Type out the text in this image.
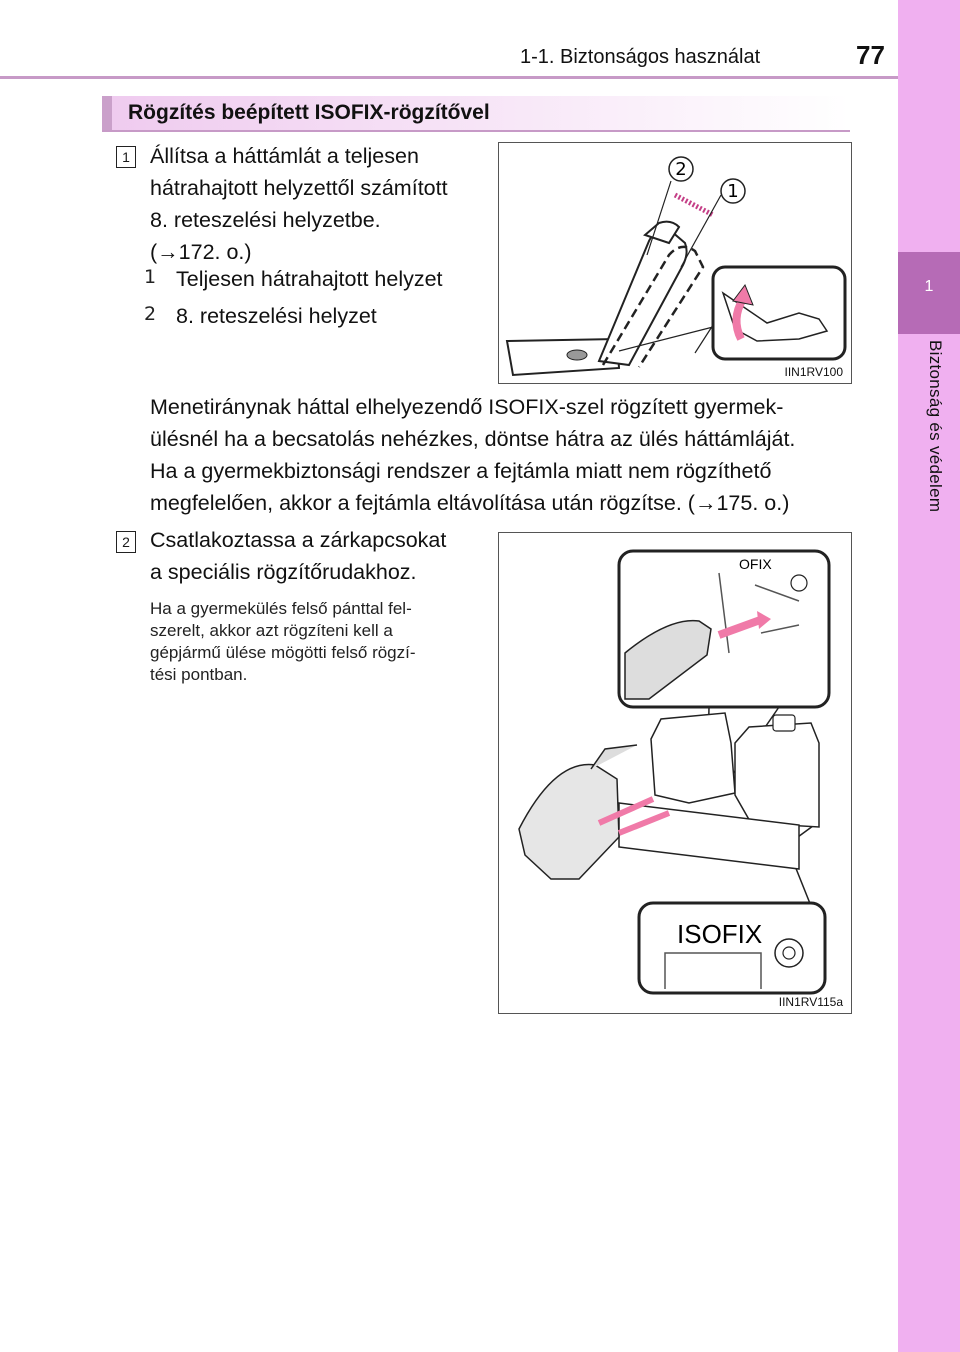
1-1. Biztonságos használat	77
1
Biztonság és védelem
Rögzítés beépített ISOFIX-rögzítővel
1 Állítsa a háttámlát a teljesen
hátrahajtott helyzettől számított
8. reteszelési helyzetbe.
(→172. o.)
1 Teljesen hátrahajtott helyzet
2 8. reteszelési helyzet
2
1
IIN1RV100
Menetiránynak háttal elhelyezendő ISOFIX-szel rögzített gyermek-
ülésnél ha a becsatolás nehézkes, döntse hátra az ülés háttámláját.
Ha a gyermekbiztonsági rendszer a fejtámla miatt nem rögzíthető
megfelelően, akkor a fejtámla eltávolítása után rögzítse. (→175. o.)
2 Csatlakoztassa a zárkapcsokat
a speciális rögzítőrudakhoz.
Ha a gyermekülés felső pánttal fel-
szerelt, akkor azt rögzíteni kell a
gépjármű ülése mögötti felső rögzí-
tési pontban.
OFIX
ISOFIX
IIN1RV115a
